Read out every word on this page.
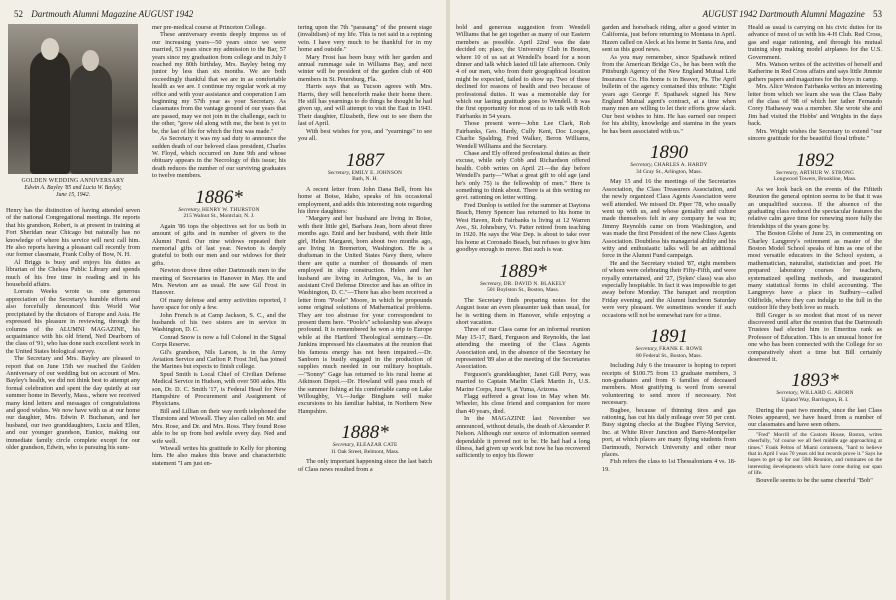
52 Dartmouth Alumni Magazine AUGUST 1942
GOLDEN WEDDING ANNIVERSARY
Edwin A. Bayley '85 and Lucia W. Bayley,
June 15, 1942.

Henry has the distinction of having attended seven of the national Congregational meetings. He reports that his grandson, Robert, is at present in training at Fort Sheridan near Chicago but naturally has no knowledge of where his service will next call him. He also reports having a pleasant call recently from our former classmate, Frank Colby of Bow, N. H.

Al Briggs is busy and enjoys his duties as librarian of the Chelsea Public Library and spends much of his free time in reading and in his household affairs.

Lorrain Weeks wrote us one generous appreciation of the Secretary's humble efforts and also forcefully denounced this World War precipitated by the dictators of Europe and Asia. He expressed his pleasure in reviewing, through the columns of the ALUMNI MAGAZINE, his acquaintance with his old friend, Ned Dearborn of the class of '91, who has done such excellent work in the United States biological survey.

The Secretary and Mrs. Bayley are pleased to report that on June 15th we reached the Golden Anniversary of our wedding but on account of Mrs. Bayley's health, we did not think best to attempt any formal celebration and spent the day quietly at our summer home in Beverly, Mass., where we received many kind letters and messages of congratulations and good wishes. We now have with us at our home our daughter, Mrs. Edwin P. Buchanan, and her husband, our two granddaughters, Lucia and Ellen, and our younger grandson, Eunice, making our immediate family circle complete except for our older grandson, Edwin, who is pursuing his sum-

mer pre-medical course at Princeton College.

These anniversary events deeply impress us of our increasing years—50 years since we were married, 53 years since my admission to the Bar, 57 years since my graduation from college and in July I reached my 80th birthday, Mrs. Bayley being my junior by less than six months. We are both exceedingly thankful that we are in as comfortable health as we are. I continue my regular work at my office and with your assistance and cooperation I am beginning my 57th year as your Secretary. As classmates from the vantage ground of our years that are passed, may we not join in the challenge, each to the other, "grow old along with me, the best is yet to be, the last of life for which the first was made."

As Secretary it was my sad duty to announce the sudden death of our beloved class president, Charles W. Floyd, which occurred on June 9th and whose obituary appears in the Necrology of this issue; his death reduces the number of our surviving graduates to twelve members.

1886*
Secretary, HENRY W. THURSTON
215 Walnut St., Montclair, N. J.

Again '86 tops the objectives set for us both in amount of gifts and in number of givers to the Alumni Fund. Our nine widows repeated their memorial gifts of last year. Newton is deeply grateful to both our men and our widows for their gifts.

Newton drove three other Dartmouth men to the meeting of Secretaries in Hanover in May. He and Mrs. Newton are as usual. He saw Gil Frost in Hanover.

Of many defense and army activities reported, I have space for only a few.

John French is at Camp Jackson, S. C., and the husbands of his two sisters are in service in Washington, D. C.

Conrad Snow is now a full Colonel in the Signal Corps Reserve.

Gil's grandson, Nils Larson, is in the Army Aviation Service and Carlton P. Frost 3rd, has joined the Marines but expects to finish college.

Spud Smith is Local Chief of Civilian Defense Medical Service in Hudson, with over 500 aides. His son, Dr. D. C. Smith '17, is Federal Head for New Hampshire of Procurement and Assignment of Physicians.

Bill and Lillian on their way north telephoned the Thurstons and Wiswall. They also called on Mr. and Mrs. Rose, and Dr. and Mrs. Ross. They found Rose able to be up from bed awhile every day. Ned and wife well.

Wiswall writes his gratitude to Kelly for phoning him. He also makes this brave and characteristic statement "I am just en-

tering upon the 7th "parasang" of the present stage (invalidism) of my life. This is not said in a repining vein. I have very much to be thankful for in my home and outside."

Mary Frost has been busy with her garden and annual rummage sale in Williams Bay, and next winter will be president of the garden club of 400 members in St. Petersburg, Fla.

Harris says that as Tucson agrees with Mrs. Harris, they will henceforth make their home there. He still has yearnings to do things he thought he had given up, and will attempt to visit the East in 1943. Their daughter, Elizabeth, flew out to see them the last of April.

With best wishes for you, and "yearnings" to see you all.

1887
Secretary, EMILY E. JOHNSON
Bath, N. H.

A recent letter from John Dana Bell, from his home at Boise, Idaho, speaks of his occasional employment, and adds this interesting note regarding his three daughters:

"Margery and her husband are living in Boise, with their little girl, Barbara Jean, born about three months ago. Enid and her husband, with their little girl, Helen Margaret, born about two months ago, are living in Bremerton, Washington. He is a draftsman in the United States Navy there, where there are quite a number of thousands of men employed in ship construction. Helen and her husband are living in Arlington, Va., he is an assistant Civil Defense Director and has an office in Washington, D. C."—There has also been received a letter from "Poole" Moore, in which he propounds some original solutions of Mathematical problems. They are too abstruse for your correspondent to present them here. "Poole's" scholarship was always profound. It is remembered he won a trip to Europe while at the Hartford Theological seminary.—Dr. Junkins impressed his classmates at the reunion that his famous energy has not been impaired.—Dr. Sanborn is busily engaged in the production of supplies much needed in our military hospitals.—"Sonny" Gage has returned to his rural home at Atkinson Depot.—Dr. Howland will pass much of the summer fishing at his comfortable camp on Lake Willoughby, Vt.—Judge Bingham will make excursions to his familiar habitat, in Northern New Hampshire.

1888*
Secretary, ELEAZAR CATE
11 Oak Street, Belmont, Mass.

The only important happening since the last batch of Class news resulted from a

AUGUST 1942 Dartmouth Alumni Magazine 53

bold and generous suggestion from Wendell Williams that he get together as many of our Eastern members as possible. April 22nd was the date decided on; place, the University Club in Boston, where 10 of us sat at Wendell's board for a noon dinner and talk which lasted till late afternoon. Only 4 of our men, who from their geographical location might be expected, failed to show up. Two of these declined for reasons of health and two because of professional duties. It was a memorable day for which our lasting gratitude goes to Wendell. It was the first opportunity for most of us to talk with Rob Fairbanks in 54 years.

Those present were—John Lee Clark, Rob Fairbanks, Geo. Hardy, Cully Kent, Doc Loogee, Charlie Spalding, Fred Walker, Beron Williams, Wendell Williams and the Secretary.

Chase and Ely offered professional duties as their excuse, while oely Cobb and Richardson offered health. Cobb writes on April 21—the day before Wendell's party—"What a great gift to old age (and he's only 75) is the fellowship of men." Here is something to think about. There is at this writing no govt. rationing on letter writing.

Fred Dunlop is settled for the summer at Daytona Beach, Henry Spencer has returned to his home in West Haven, Rob Fairbanks is living at 12 Warren Ave., St. Johnsbury, Vt. Patter retired from teaching in 1920. He says the War Dep. is about to take over his home at Coronado Beach, but refuses to give him goodbye enough to move. But such is war.

1889*
Secretary, DR. DAVID N. BLAKELY
501 Boylston St., Boston, Mass.

The Secretary finds preparing notes for the August issue an even pleasanter task than usual, for he is writing them in Hanover, while enjoying a short vacation.

Three of our Class came for an informal reunion May 15-17, Bard, Ferguson and Reynolds, the last attending the meeting of the Class Agents Association and, in the absence of the Secretary he represented '89 also at the meeting of the Secretaries Association.

Ferguson's granddaughter, Janet Gill Perry, was married to Captain Marlin Clark Martin Jr., U.S. Marine Corps, June 9, at Yuma, Arizona.

Flagg suffered a great loss in May when Mr. Wheeler, his close friend and companion for more than 40 years, died.

In the MAGAZINE last November we announced, without details, the death of Alexander P. Nelson. Although our source of information seemed dependable it proved not to be. He had had a long illness, had given up work but now he has recovered sufficiently to enjoy his flower

garden and horseback riding, after a good winter in California, just before returning to Montana in April. Hazen called on Aleck at his home in Santa Ana, and sent us this good news.

As you may remember, since Spathawk retired from the American Bridge Co., he has been with the Pittsburgh Agency of the New England Mutual Life Insurance Co. His home is in Beaver, Pa. The April bulletin of the agency contained this tribute: "Eight years ago George F. Spathawk signed his New England Mutual agent's contract, at a time when many men are willing to let their efforts grow slack. Our best wishes to him. He has earned our respect for his ability, knowledge and stamina in the years he has been associated with us."

1890
Secretary, CHARLES A. HARDY
34 Gray St., Arlington, Mass.

May 15 and 16 the meetings of the Secretaries Association, the Class Treasurers Association, and the newly organized Class Agents Association were well attended. We missed Dr. Piper '78, who usually went up with us, and whose geniality and culture made themselves felt in any company he was in; Jimmy Reynolds came on from Washington, and was made the first President of the new Class Agents Association. Doubtless his managerial ability and his witty and enthusiastic talks will be an additional force in the Alumni Fund campaign.

He and the Secretary visited '87, eight members of whom were celebrating their Fifty-Fifth, and were royally entertained, and '27, (Sykes' class) was also especially hospitable. In fact it was impossible to get away before Monday. The banquet and reception Friday evening, and the Alumni luncheon Saturday were very pleasant. We sometimes wonder if such occasions will not be somewhat rare for a time.

1891
Secretary, FRANK E. ROWE
80 Federal St., Boston, Mass.

Including July 6 the treasurer is hoping to report receipts of $100.75 from 13 graduate members, 3 non-graduates and from 6 families of deceased members. Most gratifying is word from several volunteering to send more if necessary. Not necessary.

Bugbee, because of thinning tires and gas rationing, has cut his daily mileage over 50 per cent. Busy signing checks at the Bugbee Flying Service, Inc. at White River Junction and Barre-Montpelier port, at which places are many flying students from Dartmouth, Norwich University and other near places.

Fish refers the class to 1st Thessalonians 4 vs. 18-19.

Heald as usual is carrying on his civic duties for its advance of most of us with his 4-H Club. Red Cross, gas and sugar rationing, and through his mutual training shop making model airplanes for the U.S. Government.

Mrs. Watson writes of the activities of herself and Katherine in Red Cross affairs and says little Jimmie gathers papers and magazines for the boys in camp.

Mrs. Alice Weston Fairbanks writes an interesting letter from which we learn she was the Class Baby of the class of '98 of which her father Fernando Corey Hathaway was a member. She wrote she and Jim had visited the Hobbs' and Wrights in the days back.

Mrs. Wright wishes the Secretary to extend "our sincere gratitude for the beautiful floral tribute."

1892
Secretary, ARTHUR W. STRONG
Longwood Towers, Brookline, Mass.

As we look back on the events of the Fiftieth Reunion the general opinion seems to be that it was an unqualified success. If the absence of the graduating class reduced the spectacular features the relative calm gave time for renewing more fully the friendships of the years gone by.

The Boston Globe of June 23, in commenting on Charley Langprey's retirement as master of the Boston Model School speaks of him as one of the most versatile educators in the School system, a mathematician, naturalist, statistician and poet. He prepared laboratory courses for teachers, systematized spelling methods, and inaugurated many statistical forms in child accounting. The Langpreys have a place in Sudbury—called Oldfields, where they can indulge to the full in the outdoor life they both love so much.

Bill Greger is so modest that most of us never discovered until after the reunion that the Dartmouth Trustees had elected him to Emeritus rank as Professor of Education. This is an unusual honor for one who has been connected with the College for so comparatively short a time but Bill certainly deserved it.

1893*
Secretary, WILLARD G. ABORN
Upland Way, Barrington, R. I.

During the past two months, since the last Class Notes appeared, we have heard from a number of our classmates and have seen others.

"Fred" Morrill of the Custom House, Boston, writes cheerfully, "of course we all feel middle age approaching at times." Frank Pelton of Miami comments, "hard to believe that in April I was 70 years old but records prove it." Says he hopes to get up for our 50th Reunion, and ruminates on the interesting developments which have come during our span of life.

Bouvelle seems to be the same cheerful "Bob"
